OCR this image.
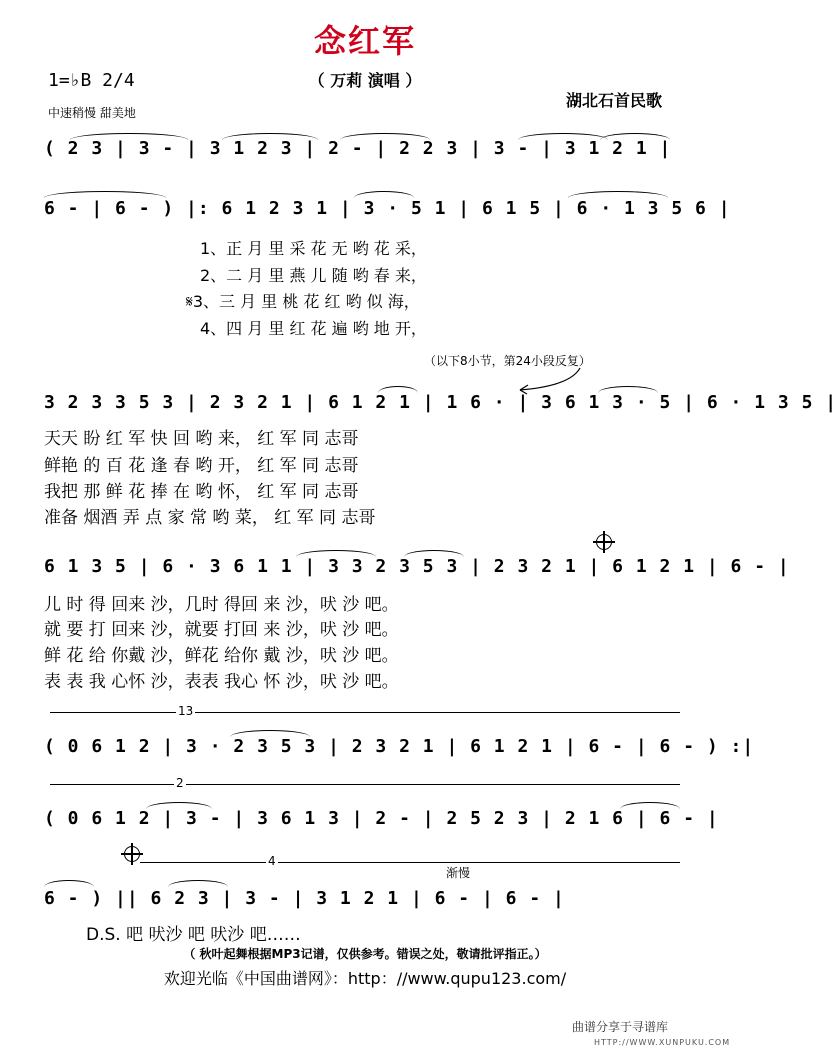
念红军
（ 万莉 演唱 ）
1=♭B 2/4
中速稍慢 甜美地
湖北石首民歌
( 2 3 | 3 - | 3 1 2 3 | 2 - | 2 2 3 | 3 - | 3 1 2 1 |
6 - | 6 - ) |: 6 1 2 3 1 | 3 · 5 1 | 6 1 5 | 6 · 1 3 5 6 |
1、正 月 里 采 花 无 哟 花 采，
2、二 月 里 燕 儿 随 哟 春 来，
𝄋3、三 月 里 桃 花 红 哟 似 海，
4、四 月 里 红 花 遍 哟 地 开，
（以下8小节，第24小段反复）
3 2 3 3 5 3 | 2 3 2 1 | 6 1 2 1 | 1 6 · | 3 6 1 3 · 5 | 6 · 1 3 5 |
天天 盼 红 军 快 回 哟 来， 红 军 同 志哥
鲜艳 的 百 花 逢 春 哟 开， 红 军 同 志哥
我把 那 鲜 花 捧 在 哟 怀， 红 军 同 志哥
准备 烟酒 弄 点 家 常 哟 菜， 红 军 同 志哥
6 1 3 5 | 6 · 3 6 1 1 | 3 3 2 3 5 3 | 2 3 2 1 | 6 1 2 1 | 6 - |
儿 时 得 回来 沙，几时 得回 来 沙，吠 沙 吧。
就 要 打 回来 沙，就要 打回 来 沙，吠 沙 吧。
鲜 花 给 你戴 沙，鲜花 给你 戴 沙，吠 沙 吧。
表 表 我 心怀 沙，表表 我心 怀 沙，吠 沙 吧。
13
( 0 6 1 2 | 3 · 2 3 5 3 | 2 3 2 1 | 6 1 2 1 | 6 - | 6 - ) :|
2
( 0 6 1 2 | 3 - | 3 6 1 3 | 2 - | 2 5 2 3 | 2 1 6 | 6 - |
4
渐慢
6 - ) || 6 2 3 | 3 - | 3 1 2 1 | 6 - | 6 - |
D.S. 吧 吠沙 吧 吠沙 吧……
（ 秋叶起舞根据MP3记谱，仅供参考。错误之处，敬请批评指正。）
欢迎光临《中国曲谱网》：http：//www.qupu123.com/
曲谱分享于寻谱库
HTTP://WWW.XUNPUKU.COM
